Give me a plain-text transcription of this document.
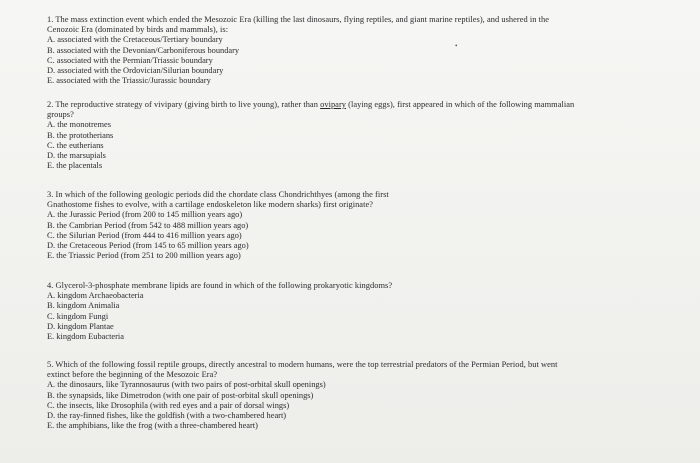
1. The mass extinction event which ended the Mesozoic Era (killing the last dinosaurs, flying reptiles, and giant marine reptiles), and ushered in the
Cenozoic Era (dominated by birds and mammals), is:
A. associated with the Cretaceous/Tertiary boundary
B. associated with the Devonian/Carboniferous boundary
C. associated with the Permian/Triassic boundary
D. associated with the Ordovician/Silurian boundary
E. associated with the Triassic/Jurassic boundary
•
2. The reproductive strategy of vivipary (giving birth to live young), rather than ovipary (laying eggs), first appeared in which of the following mammalian
groups?
A. the monotremes
B. the prototherians
C. the eutherians
D. the marsupials
E. the placentals
3. In which of the following geologic periods did the chordate class Chondrichthyes (among the first
Gnathostome fishes to evolve, with a cartilage endoskeleton like modern sharks) first originate?
A. the Jurassic Period (from 200 to 145 million years ago)
B. the Cambrian Period (from 542 to 488 million years ago)
C. the Silurian Period (from 444 to 416 million years ago)
D. the Cretaceous Period (from 145 to 65 million years ago)
E. the Triassic Period (from 251 to 200 million years ago)
4. Glycerol-3-phosphate membrane lipids are found in which of the following prokaryotic kingdoms?
A. kingdom Archaeobacteria
B. kingdom Animalia
C. kingdom Fungi
D. kingdom Plantae
E. kingdom Eubacteria
5. Which of the following fossil reptile groups, directly ancestral to modern humans, were the top terrestrial predators of the Permian Period, but went
extinct before the beginning of the Mesozoic Era?
A. the dinosaurs, like Tyrannosaurus (with two pairs of post-orbital skull openings)
B. the synapsids, like Dimetrodon (with one pair of post-orbital skull openings)
C. the insects, like Drosophila (with red eyes and a pair of dorsal wings)
D. the ray-finned fishes, like the goldfish (with a two-chambered heart)
E. the amphibians, like the frog (with a three-chambered heart)
